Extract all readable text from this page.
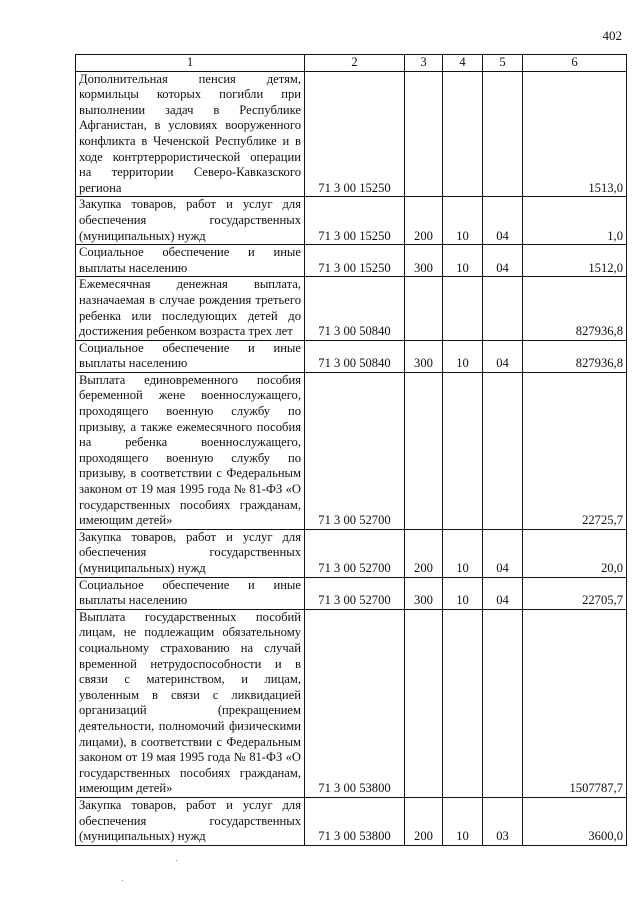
402
1	2	3	4	5	6
Дополнительная пенсия детям, кормильцы которых погибли при выполнении задач в Республике Афганистан, в условиях вооруженного конфликта в Чеченской Республике и в ходе контртеррористической операции на территории Северо-Кавказского региона	71 3 00 15250				1513,0
Закупка товаров, работ и услуг для обеспечения государственных (муниципальных) нужд	71 3 00 15250	200	10	04	1,0
Социальное обеспечение и иные выплаты населению	71 3 00 15250	300	10	04	1512,0
Ежемесячная денежная выплата, назначаемая в случае рождения третьего ребенка или последующих детей до достижения ребенком возраста трех лет	71 3 00 50840				827936,8
Социальное обеспечение и иные выплаты населению	71 3 00 50840	300	10	04	827936,8
Выплата единовременного пособия беременной жене военнослужащего, проходящего военную службу по призыву, а также ежемесячного пособия на ребенка военнослужащего, проходящего военную службу по призыву, в соответствии с Федеральным законом от 19 мая 1995 года № 81-ФЗ «О государственных пособиях гражданам, имеющим детей»	71 3 00 52700				22725,7
Закупка товаров, работ и услуг для обеспечения государственных (муниципальных) нужд	71 3 00 52700	200	10	04	20,0
Социальное обеспечение и иные выплаты населению	71 3 00 52700	300	10	04	22705,7
Выплата государственных пособий лицам, не подлежащим обязательному социальному страхованию на случай временной нетрудоспособности и в связи с материнством, и лицам, уволенным в связи с ликвидацией организаций (прекращением деятельности, полномочий физическими лицами), в соответствии с Федеральным законом от 19 мая 1995 года № 81-ФЗ «О государственных пособиях гражданам, имеющим детей»	71 3 00 53800				1507787,7
Закупка товаров, работ и услуг для обеспечения государственных (муниципальных) нужд	71 3 00 53800	200	10	03	3600,0
